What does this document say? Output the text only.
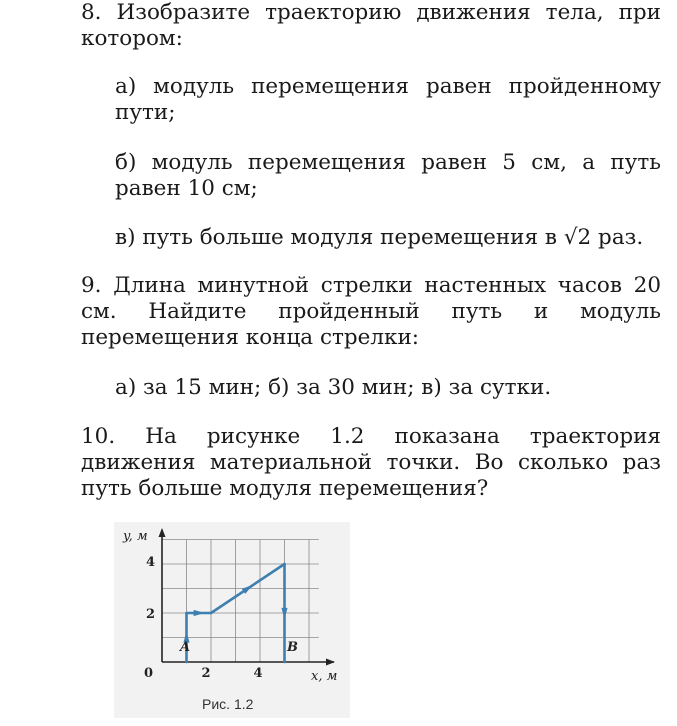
8. Изобразите траекторию движения тела, при котором:

а) модуль перемещения равен пройденному пути;

б) модуль перемещения равен 5 см, а путь равен 10 см;

в) путь больше модуля перемещения в √2 раз.

9. Длина минутной стрелки настенных часов 20 см. Найдите пройденный путь и модуль перемещения конца стрелки:

а) за 15 мин; б) за 30 мин; в) за сутки.

10. На рисунке 1.2 показана траектория движения материальной точки. Во сколько раз путь больше модуля перемещения?

y, м
x, м
0	2	4
2
4
A	B
Рис. 1.2
